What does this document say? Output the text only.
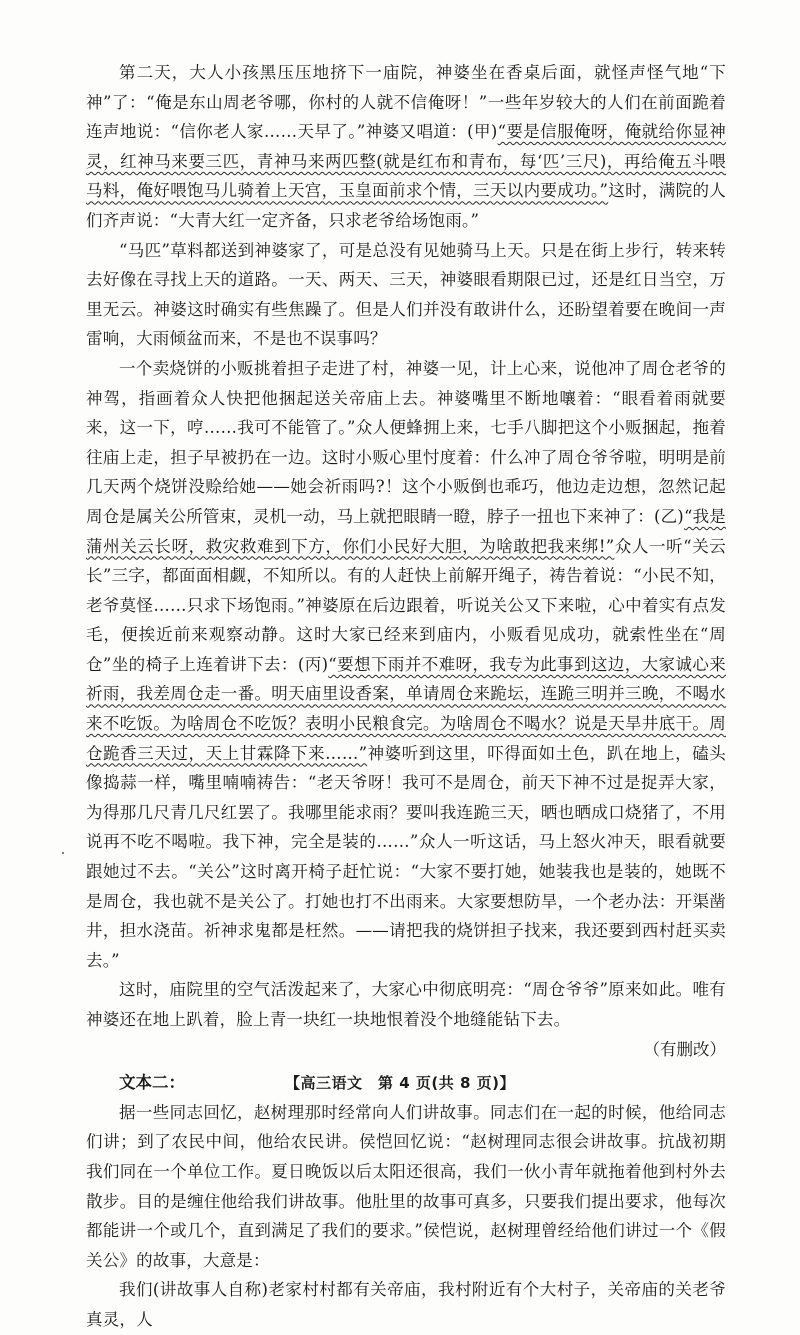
第二天，大人小孩黑压压地挤下一庙院，神婆坐在香桌后面，就怪声怪气地“下神”了：“俺是东山周老爷哪，你村的人就不信俺呀！”一些年岁较大的人们在前面跪着连声地说：“信你老人家……天早了。”神婆又唱道：(甲)“要是信服俺呀，俺就给你显神灵，红神马来要三匹，青神马来两匹整(就是红布和青布，每‘匹’三尺)，再给俺五斗喂马料，俺好喂饱马儿骑着上天宫，玉皇面前求个情，三天以内要成功。”这时，满院的人们齐声说：“大青大红一定齐备，只求老爷给场饱雨。”

“马匹”草料都送到神婆家了，可是总没有见她骑马上天。只是在街上步行，转来转去好像在寻找上天的道路。一天、两天、三天，神婆眼看期限已过，还是红日当空，万里无云。神婆这时确实有些焦躁了。但是人们并没有敢讲什么，还盼望着要在晚间一声雷响，大雨倾盆而来，不是也不误事吗？

一个卖烧饼的小贩挑着担子走进了村，神婆一见，计上心来，说他冲了周仓老爷的神驾，指画着众人快把他捆起送关帝庙上去。神婆嘴里不断地嚷着：“眼看着雨就要来，这一下，哼……我可不能管了。”众人便蜂拥上来，七手八脚把这个小贩捆起，拖着往庙上走，担子早被扔在一边。这时小贩心里忖度着：什么冲了周仓爷爷啦，明明是前几天两个烧饼没赊给她——她会祈雨吗?！这个小贩倒也乖巧，他边走边想，忽然记起周仓是属关公所管束，灵机一动，马上就把眼睛一瞪，脖子一扭也下来神了：(乙)“我是蒲州关云长呀，救灾救难到下方，你们小民好大胆，为啥敢把我来绑!”众人一听“关云长”三字，都面面相觑，不知所以。有的人赶快上前解开绳子，祷告着说：“小民不知，老爷莫怪……只求下场饱雨。”神婆原在后边跟着，听说关公又下来啦，心中着实有点发毛，便挨近前来观察动静。这时大家已经来到庙内，小贩看见成功，就索性坐在“周仓”坐的椅子上连着讲下去：(丙)“要想下雨并不难呀，我专为此事到这边，大家诚心来祈雨，我差周仓走一番。明天庙里设香案，单请周仓来跪坛，连跪三明并三晚，不喝水来不吃饭。为啥周仓不吃饭？表明小民粮食完。为啥周仓不喝水？说是天旱井底干。周仓跪香三天过，天上甘霖降下来……”神婆听到这里，吓得面如土色，趴在地上，磕头像捣蒜一样，嘴里喃喃祷告：“老天爷呀！我可不是周仓，前天下神不过是捉弄大家，为得那几尺青几尺红罢了。我哪里能求雨？要叫我连跪三天，晒也晒成口烧猪了，不用说再不吃不喝啦。我下神，完全是装的……”众人一听这话，马上怒火冲天，眼看就要跟她过不去。“关公”这时离开椅子赶忙说：“大家不要打她，她装我也是装的，她既不是周仓，我也就不是关公了。打她也打不出雨来。大家要想防旱，一个老办法：开渠凿井，担水浇苗。祈神求鬼都是枉然。——请把我的烧饼担子找来，我还要到西村赶买卖去。”

这时，庙院里的空气活泼起来了，大家心中彻底明亮：“周仓爷爷”原来如此。唯有神婆还在地上趴着，脸上青一块红一块地恨着没个地缝能钻下去。

（有删改）

文本二：

据一些同志回忆，赵树理那时经常向人们讲故事。同志们在一起的时候，他给同志们讲；到了农民中间，他给农民讲。侯恺回忆说：“赵树理同志很会讲故事。抗战初期我们同在一个单位工作。夏日晚饭以后太阳还很高，我们一伙小青年就拖着他到村外去散步。目的是缠住他给我们讲故事。他肚里的故事可真多，只要我们提出要求，他每次都能讲一个或几个，直到满足了我们的要求。”侯恺说，赵树理曾经给他们讲过一个《假关公》的故事，大意是：

我们(讲故事人自称)老家村村都有关帝庙，我村附近有个大村子，关帝庙的关老爷真灵，人

【高三语文　第 4 页(共 8 页)】
